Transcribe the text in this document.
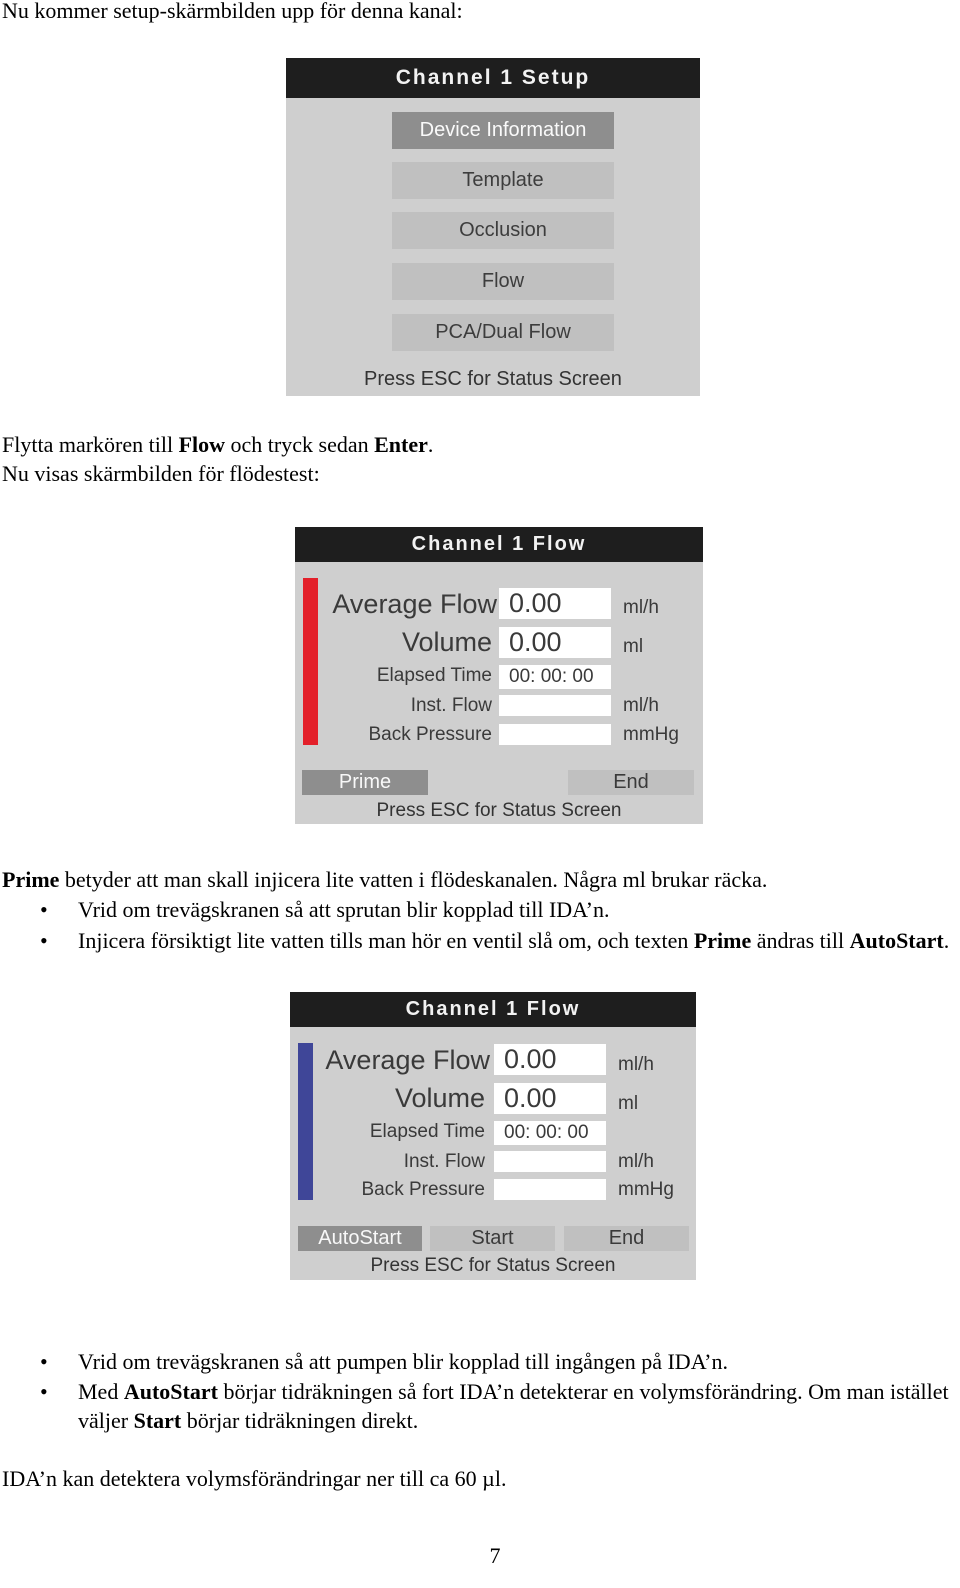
Nu kommer setup-skärmbilden upp för denna kanal:

Channel 1 Setup
Device Information
Template
Occlusion
Flow
PCA/Dual Flow
Press ESC for Status Screen

Flytta markören till Flow och tryck sedan Enter.

Nu visas skärmbilden för flödestest:

Channel 1 Flow
Average Flow 0.00	ml/h
Volume 0.00	ml
Elapsed Time 00: 00: 00
Inst. Flow	ml/h
Back Pressure	mmHg
Prime	End
Press ESC for Status Screen

Prime betyder att man skall injicera lite vatten i flödeskanalen. Några ml brukar räcka.

• Vrid om trevägskranen så att sprutan blir kopplad till IDA’n.

• Injicera försiktigt lite vatten tills man hör en ventil slå om, och texten Prime ändras till AutoStart.

Channel 1 Flow
Average Flow 0.00	ml/h
Volume 0.00	ml
Elapsed Time	00: 00: 00
Inst. Flow	ml/h
Back Pressure	mmHg
AutoStart	Start	End
Press ESC for Status Screen
• Vrid om trevägskranen så att pumpen blir kopplad till ingången på IDA’n.

• Med AutoStart börjar tidräkningen så fort IDA’n detekterar en volymsförändring. Om man istället väljer Start börjar tidräkningen direkt.

IDA’n kan detektera volymsförändringar ner till ca 60 µl.

7
